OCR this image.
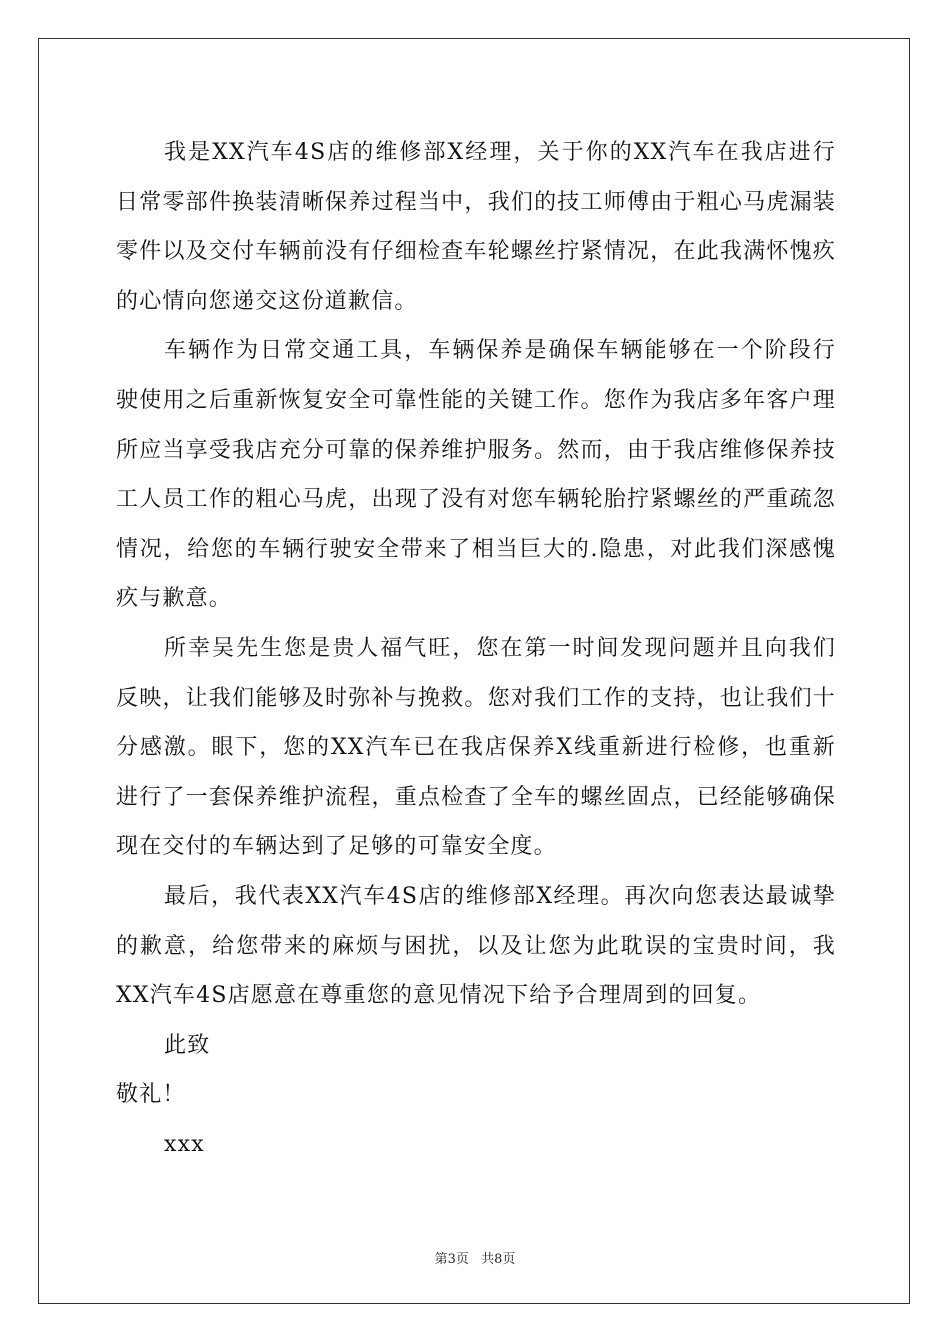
我是XX汽车4S店的维修部X经理，关于你的XX汽车在我店进行日常零部件换装清晰保养过程当中，我们的技工师傅由于粗心马虎漏装零件以及交付车辆前没有仔细检查车轮螺丝拧紧情况，在此我满怀愧疚的心情向您递交这份道歉信。

车辆作为日常交通工具，车辆保养是确保车辆能够在一个阶段行驶使用之后重新恢复安全可靠性能的关键工作。您作为我店多年客户理所应当享受我店充分可靠的保养维护服务。然而，由于我店维修保养技工人员工作的粗心马虎，出现了没有对您车辆轮胎拧紧螺丝的严重疏忽情况，给您的车辆行驶安全带来了相当巨大的.隐患，对此我们深感愧疚与歉意。

所幸吴先生您是贵人福气旺，您在第一时间发现问题并且向我们反映，让我们能够及时弥补与挽救。您对我们工作的支持，也让我们十分感激。眼下，您的XX汽车已在我店保养X线重新进行检修，也重新进行了一套保养维护流程，重点检查了全车的螺丝固点，已经能够确保现在交付的车辆达到了足够的可靠安全度。

最后，我代表XX汽车4S店的维修部X经理。再次向您表达最诚挚的歉意，给您带来的麻烦与困扰，以及让您为此耽误的宝贵时间，我XX汽车4S店愿意在尊重您的意见情况下给予合理周到的回复。

此致

敬礼！

xxx

第3页 共8页
